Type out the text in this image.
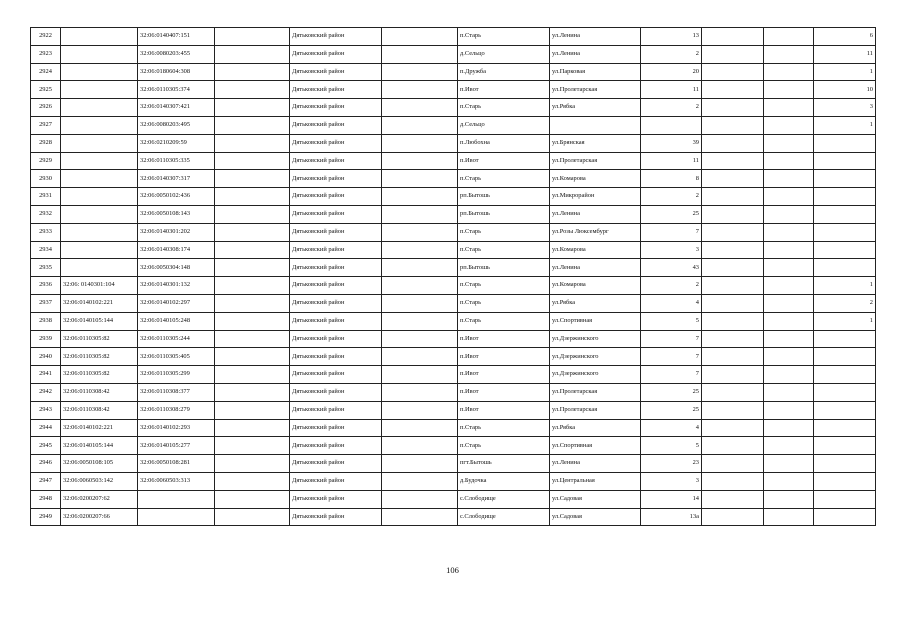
2922		32:06:0140407:151		Дятьковский район		п.Старь	ул.Ленина	13			6
2923		32:06:0080203:455		Дятьковский район		д.Сельцо	ул.Ленина	2			11
2924		32:06:0180604:308		Дятьковский район		п.Дружба	ул.Парковая	20			1
2925		32:06:0110305:374		Дятьковский район		п.Ивот	ул.Пролетарская	11			10
2926		32:06:0140307:421		Дятьковский район		п.Старь	ул.Рябка	2			3
2927		32:06:0080203:495		Дятьковский район		д.Сельцо					1
2928		32:06:0210209:59		Дятьковский район		п.Любохна	ул.Брянская	39			
2929		32:06:0110305:335		Дятьковский район		п.Ивот	ул.Пролетарская	11			
2930		32:06:0140307:317		Дятьковский район		п.Старь	ул.Комарова	8			
2931		32:06:0050102:436		Дятьковский район		рп.Бытошь	ул.Микрорайон	2			
2932		32:06:0050108:143		Дятьковский район		рп.Бытошь	ул.Ленина	25			
2933		32:06:0140301:202		Дятьковский район		п.Старь	ул.Розы Люксембург	7			
2934		32:06:0140308:174		Дятьковский район		п.Старь	ул.Комарова	3			
2935		32:06:0050304:148		Дятьковский район		рп.Бытошь	ул.Ленина	43			
2936	32:06: 0140301:104	32:06:0140301:132		Дятьковский район		п.Старь	ул.Комарова	2			1
2937	32:06:0140102:221	32:06:0140102:297		Дятьковский район		п.Старь	ул.Рябка	4			2
2938	32:06:0140105:144	32:06:0140105:248		Дятьковский район		п.Старь	ул.Спортивная	5			1
2939	32:06:0110305:82	32:06:0110305:244		Дятьковский район		п.Ивот	ул.Дзержинского	7			
2940	32:06:0110305:82	32:06:0110305:405		Дятьковский район		п.Ивот	ул.Дзержинского	7			
2941	32:06:0110305:82	32:06:0110305:299		Дятьковский район		п.Ивот	ул.Дзержинского	7			
2942	32:06:0110308:42	32:06:0110308:377		Дятьковский район		п.Ивот	ул.Пролетарская	25			
2943	32:06:0110308:42	32:06:0110308:279		Дятьковский район		п.Ивот	ул.Пролетарская	25			
2944	32:06:0140102:221	32:06:0140102:293		Дятьковский район		п.Старь	ул.Рябка	4			
2945	32:06:0140105:144	32:06:0140105:277		Дятьковский район		п.Старь	ул.Спортивная	5			
2946	32:06:0050108:105	32:06:0050108:281		Дятьковский район		пгт.Бытошь	ул.Ленина	23			
2947	32:06:0060503:142	32:06:0060503:313		Дятьковский район		д.Будочка	ул.Центральная	3			
2948	32:06:0200207:62			Дятьковский район		с.Слободище	ул.Садовая	14			
2949	32:06:0200207:66			Дятьковский район		с.Слободище	ул.Садовая	13а			
106
